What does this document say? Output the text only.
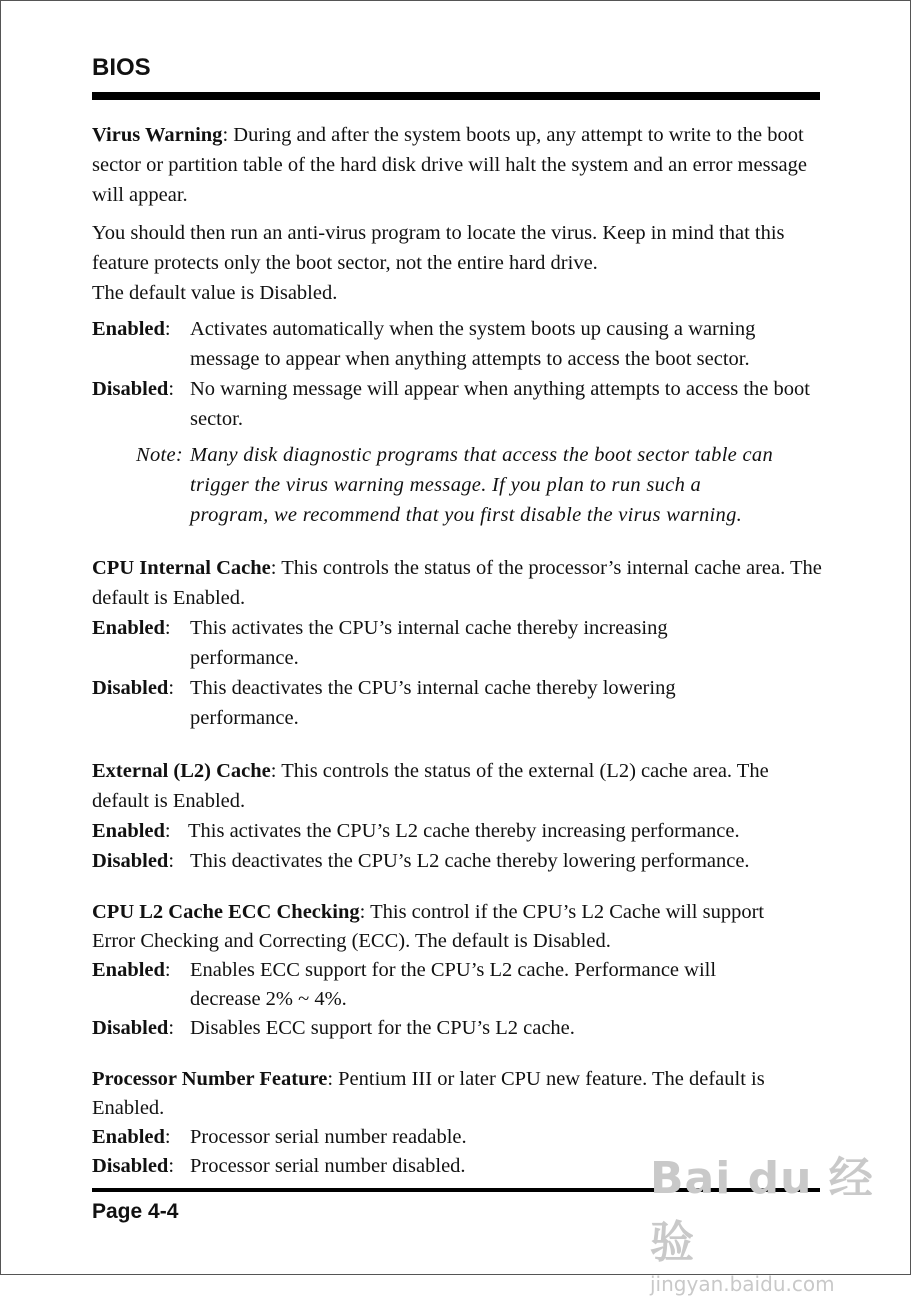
BIOS

Virus Warning: During and after the system boots up, any attempt to write to the boot sector or partition table of the hard disk drive will halt the system and an error message will appear.

You should then run an anti-virus program to locate the virus. Keep in mind that this feature protects only the boot sector, not the entire hard drive.

The default value is Disabled.

Enabled: Activates automatically when the system boots up causing a warning message to appear when anything attempts to access the boot sector.

Disabled: No warning message will appear when anything attempts to access the boot sector.

Note: Many disk diagnostic programs that access the boot sector table can trigger the virus warning message. If you plan to run such a program, we recommend that you first disable the virus warning.

CPU Internal Cache: This controls the status of the processor’s internal cache area. The default is Enabled.

Enabled: This activates the CPU’s internal cache thereby increasing performance.

Disabled: This deactivates the CPU’s internal cache thereby lowering performance.

External (L2) Cache: This controls the status of the external (L2) cache area. The default is Enabled.

Enabled: This activates the CPU’s L2 cache thereby increasing performance.

Disabled: This deactivates the CPU’s L2 cache thereby lowering performance.

CPU L2 Cache ECC Checking: This control if the CPU’s L2 Cache will support Error Checking and Correcting (ECC). The default is Disabled.

Enabled: Enables ECC support for the CPU’s L2 cache. Performance will decrease 2% ~ 4%.

Disabled: Disables ECC support for the CPU’s L2 cache.

Processor Number Feature: Pentium III or later CPU new feature. The default is Enabled.

Enabled: Processor serial number readable.

Disabled: Processor serial number disabled.

Page 4-4
Bai du 经验
jingyan.baidu.com
